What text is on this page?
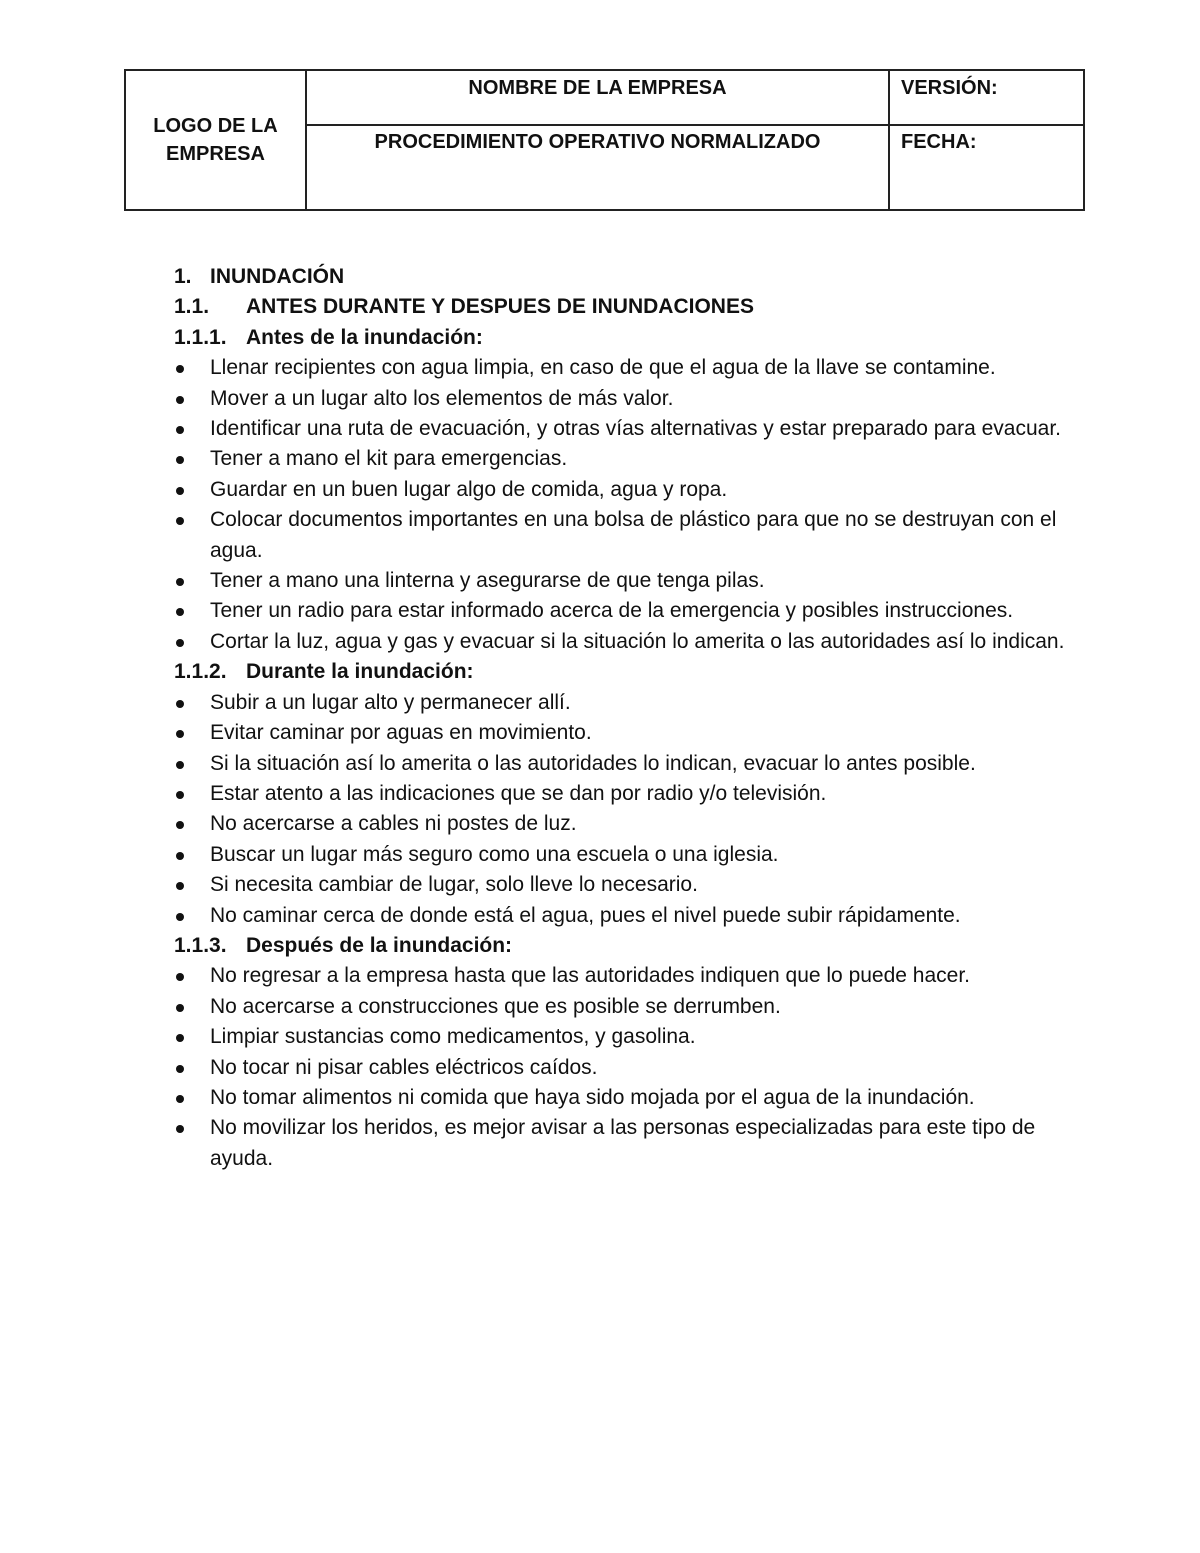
LOGO DE LA EMPRESA
NOMBRE DE LA EMPRESA
PROCEDIMIENTO OPERATIVO NORMALIZADO
VERSIÓN:
FECHA:

1. INUNDACIÓN

1.1. ANTES DURANTE Y DESPUES DE INUNDACIONES

1.1.1. Antes de la inundación:

Llenar recipientes con agua limpia, en caso de que el agua de la llave se contamine.
Mover a un lugar alto los elementos de más valor.
Identificar una ruta de evacuación, y otras vías alternativas y estar preparado para evacuar.
Tener a mano el kit para emergencias.
Guardar en un buen lugar algo de comida, agua y ropa.
Colocar documentos importantes en una bolsa de plástico para que no se destruyan con el agua.
Tener a mano una linterna y asegurarse de que tenga pilas.
Tener un radio para estar informado acerca de la emergencia y posibles instrucciones.
Cortar la luz, agua y gas y evacuar si la situación lo amerita o las autoridades así lo indican.

1.1.2. Durante la inundación:

Subir a un lugar alto y permanecer allí.
Evitar caminar por aguas en movimiento.
Si la situación así lo amerita o las autoridades lo indican, evacuar lo antes posible.
Estar atento a las indicaciones que se dan por radio y/o televisión.
No acercarse a cables ni postes de luz.
Buscar un lugar más seguro como una escuela o una iglesia.
Si necesita cambiar de lugar, solo lleve lo necesario.
No caminar cerca de donde está el agua, pues el nivel puede subir rápidamente.

1.1.3. Después de la inundación:

No regresar a la empresa hasta que las autoridades indiquen que lo puede hacer.
No acercarse a construcciones que es posible se derrumben.
Limpiar sustancias como medicamentos, y gasolina.
No tocar ni pisar cables eléctricos caídos.
No tomar alimentos ni comida que haya sido mojada por el agua de la inundación.
No movilizar los heridos, es mejor avisar a las personas especializadas para este tipo de ayuda.
